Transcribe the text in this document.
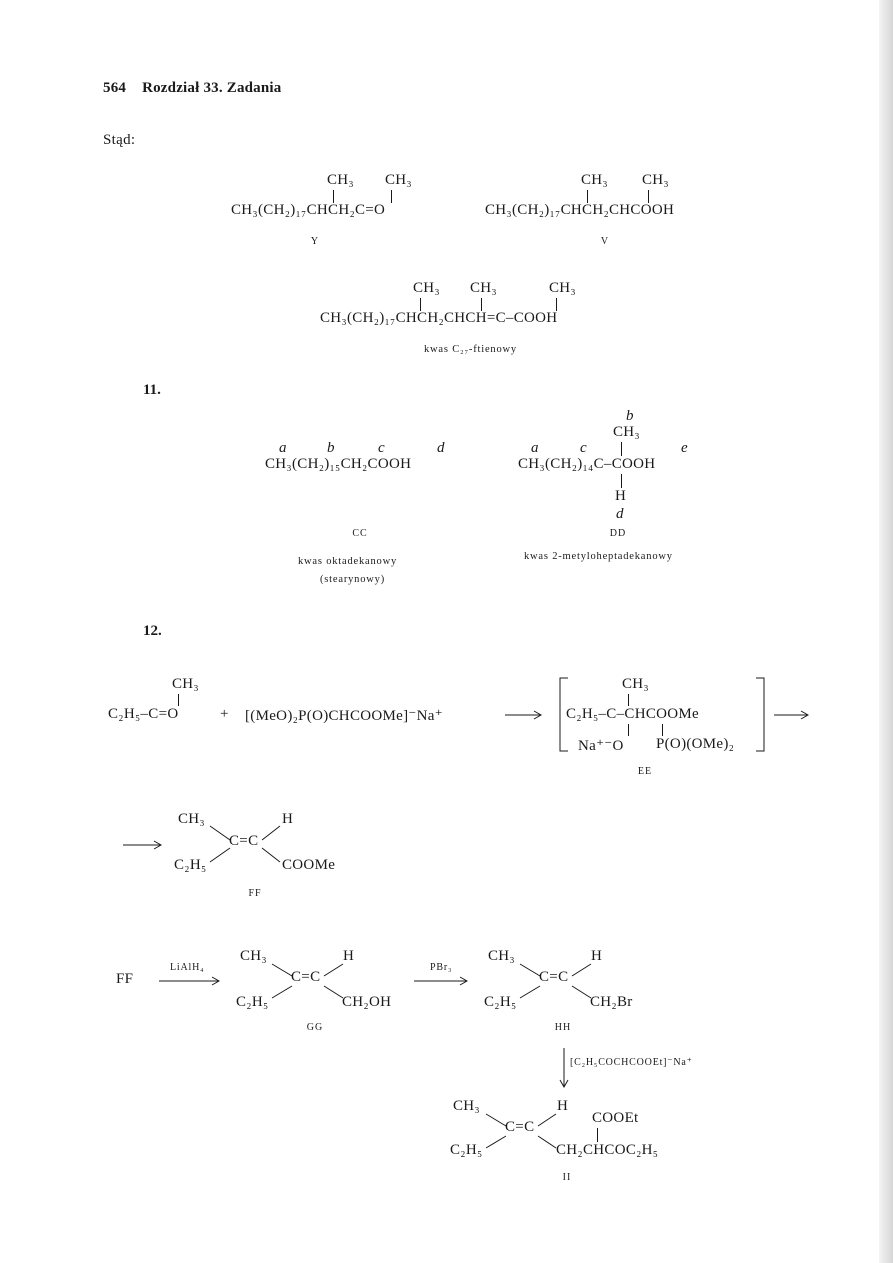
564 Rozdział 33. Zadania
Stąd:
CH₃ CH₃
CH₃(CH₂)₁₇CHCH₂C=O
Y
CH₃ CH₃
CH₃(CH₂)₁₇CHCH₂CHCOOH
V
CH₃ CH₃	CH₃
CH₃(CH₂)₁₇CHCH₂CHCH=C–COOH
kwas C₂₇-ftienowy
11.
a	b	c	d
CH₃(CH₂)₁₅CH₂COOH
CC
kwas oktadekanowy
(stearynowy)
b
CH₃
a	c	e
CH₃(CH₂)₁₄C–COOH
H
d
DD
kwas 2-metyloheptadekanowy
12.
CH₃
C₂H₅–C=O	+ [(MeO)₂P(O)CHCOOMe]⁻Na⁺
CH₃
C₂H₅–C–CHCOOMe
Na⁺⁻O P(O)(OMe)₂
EE
CH₃	H
C=C
C₂H₅	COOMe
FF
FF
LiAlH₄
CH₃	H
C=C
C₂H₅	CH₂OH
GG
PBr₃
CH₃	H
C=C
C₂H₅	CH₂Br
HH
[C₂H₅COCHCOOEt]⁻Na⁺
CH₃	H
COOEt
C=C
C₂H₅	CH₂CHCOC₂H₅
II
